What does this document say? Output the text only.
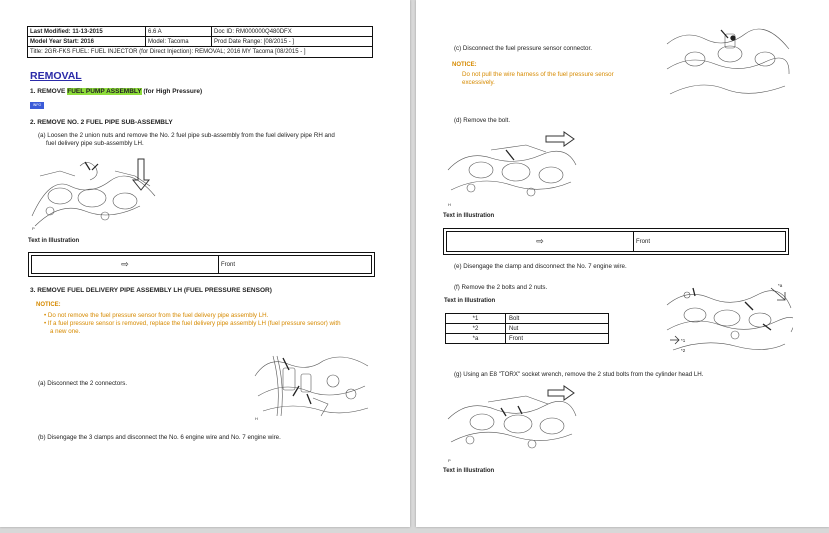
Last Modified: 11-13-2015	6.6 A	Doc ID: RM000000Q480DFX
Model Year Start: 2016	Model: Tacoma	Prod Date Range: [08/2015 - ]
Title: 2GR-FKS FUEL: FUEL INJECTOR (for Direct Injection): REMOVAL; 2016 MY Tacoma [08/2015 - ]
REMOVAL
1. REMOVE FUEL PUMP ASSEMBLY (for High Pressure)
INFO
2. REMOVE NO. 2 FUEL PIPE SUB-ASSEMBLY
(a) Loosen the 2 union nuts and remove the No. 2 fuel pipe sub-assembly from the fuel delivery pipe RH and
fuel delivery pipe sub-assembly LH.
P
Text in Illustration
⇨	Front
3. REMOVE FUEL DELIVERY PIPE ASSEMBLY LH (FUEL PRESSURE SENSOR)
NOTICE:
• Do not remove the fuel pressure sensor from the fuel delivery pipe assembly LH.
• If a fuel pressure sensor is removed, replace the fuel delivery pipe assembly LH (fuel pressure sensor) with
a new one.
H
(a) Disconnect the 2 connectors.
(b) Disengage the 3 clamps and disconnect the No. 6 engine wire and No. 7 engine wire.
(c) Disconnect the fuel pressure sensor connector.
NOTICE:
Do not pull the wire harness of the fuel pressure sensor
excessively.
(d) Remove the bolt.
H
Text in Illustration
⇨	Front
(e) Disengage the clamp and disconnect the No. 7 engine wire.
(f) Remove the 2 bolts and 2 nuts.
Text in Illustration
*1	Bolt
*2	Nut
*a	Front
*a
*1
*2
(g) Using an E8 "TORX" socket wrench, remove the 2 stud bolts from the cylinder head LH.
P
Text in Illustration
